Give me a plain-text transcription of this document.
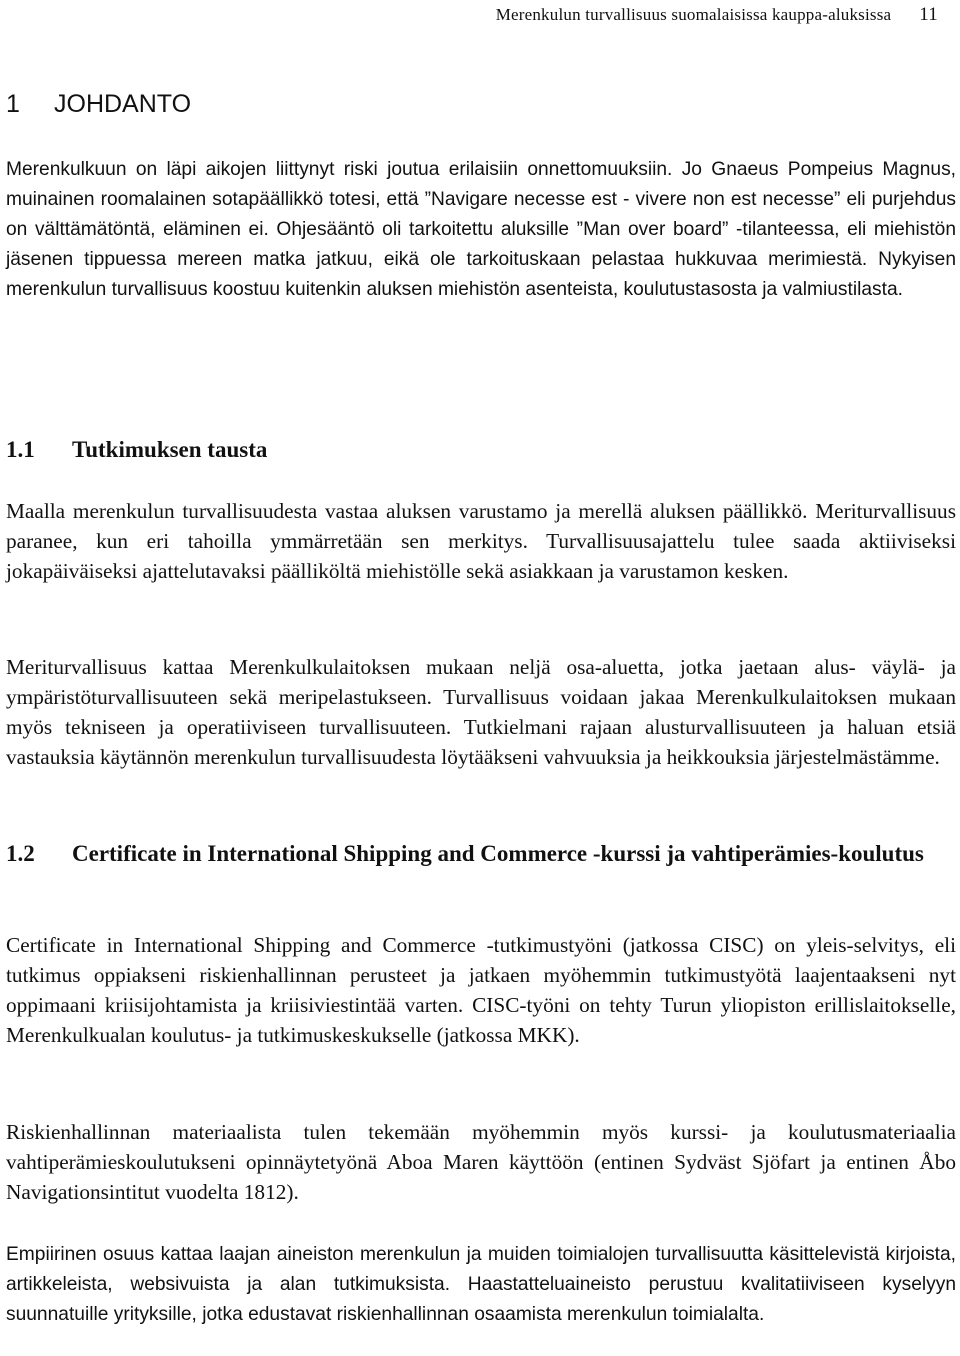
Merenkulun turvallisuus suomalaisissa kauppa-aluksissa 11
1 JOHDANTO

Merenkulkuun on läpi aikojen liittynyt riski joutua erilaisiin onnettomuuksiin. Jo Gnaeus Pompeius Magnus, muinainen roomalainen sotapäällikkö totesi, että ”Navigare necesse est - vivere non est necesse” eli purjehdus on välttämätöntä, eläminen ei. Ohjesääntö oli tarkoitettu aluksille ”Man over board” -tilanteessa, eli miehistön jäsenen tippuessa mereen matka jatkuu, eikä ole tarkoituskaan pelastaa hukkuvaa merimiestä. Nykyisen merenkulun turvallisuus koostuu kuitenkin aluksen miehistön asenteista, koulutustasosta ja valmiustilasta.

1.1	Tutkimuksen tausta

Maalla merenkulun turvallisuudesta vastaa aluksen varustamo ja merellä aluksen päällikkö. Meriturvallisuus paranee, kun eri tahoilla ymmärretään sen merkitys. Turvallisuusajattelu tulee saada aktiiviseksi jokapäiväiseksi ajattelutavaksi päälliköltä miehistölle sekä asiakkaan ja varustamon kesken.

Meriturvallisuus kattaa Merenkulkulaitoksen mukaan neljä osa-aluetta, jotka jaetaan alus- väylä- ja ympäristöturvallisuuteen sekä meripelastukseen. Turvallisuus voidaan jakaa Merenkulkulaitoksen mukaan myös tekniseen ja operatiiviseen turvallisuuteen. Tutkielmani rajaan alusturvallisuuteen ja haluan etsiä vastauksia käytännön merenkulun turvallisuudesta löytääkseni vahvuuksia ja heikkouksia järjestelmästämme.

1.2	Certificate in International Shipping and Commerce -kurssi ja vahtiperämies-koulutus

Certificate in International Shipping and Commerce -tutkimustyöni (jatkossa CISC) on yleis-selvitys, eli tutkimus oppiakseni riskienhallinnan perusteet ja jatkaen myöhemmin tutkimustyötä laajentaakseni nyt oppimaani kriisijohtamista ja kriisiviestintää varten. CISC-työni on tehty Turun yliopiston erillislaitokselle, Merenkulkualan koulutus- ja tutkimuskeskukselle (jatkossa MKK).

Riskienhallinnan materiaalista tulen tekemään myöhemmin myös kurssi- ja koulutusmateriaalia vahtiperämieskoulutukseni opinnäytetyönä Aboa Maren käyttöön (entinen Sydväst Sjöfart ja entinen Åbo Navigationsintitut vuodelta 1812).

Empiirinen osuus kattaa laajan aineiston merenkulun ja muiden toimialojen turvallisuutta käsittelevistä kirjoista, artikkeleista, websivuista ja alan tutkimuksista. Haastatteluaineisto perustuu kvalitatiiviseen kyselyyn suunnatuille yrityksille, jotka edustavat riskienhallinnan osaamista merenkulun toimialalta.
